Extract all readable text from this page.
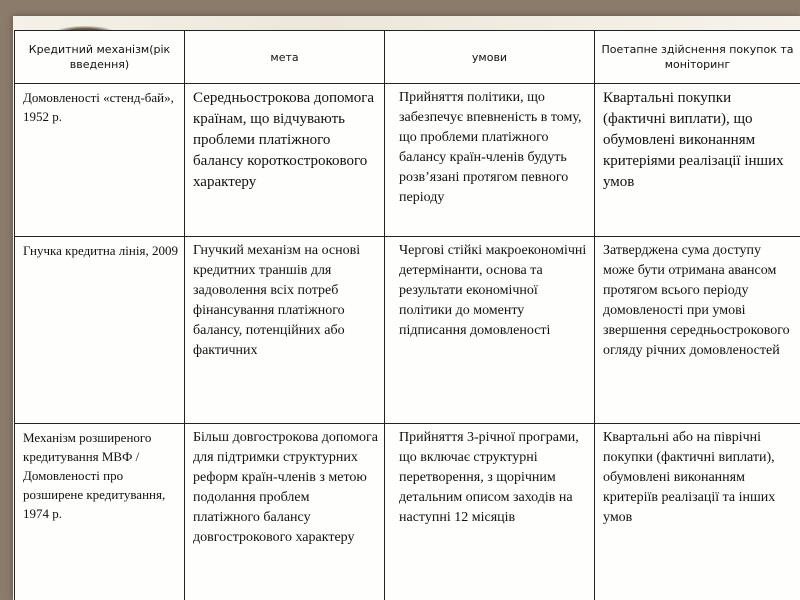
Кредитний механізм(рік введення)	мета	умови	Поетапне здійснення покупок та моніторинг
Домовленості «стенд-бай», 1952 р.	Середньострокова допомога країнам, що відчувають проблеми платіжного балансу короткострокового характеру	Прийняття політики, що забезпечує впевненість в тому, що проблеми платіжного балансу країн-членів будуть розв’язані протягом певного періоду	Квартальні покупки (фактичні виплати), що обумовлені виконанням критеріями реалізації інших умов
Гнучка кредитна лінія, 2009	Гнучкий механізм на основі кредитних траншів для задоволення всіх потреб фінансування платіжного балансу, потенційних або фактичних	Чергові стійкі макроекономічні детермінанти, основа та результати економічної політики до моменту підписання домовленості	Затверджена сума доступу може бути отримана авансом протягом всього періоду домовленості при умові звершення середньострокового огляду річних домовленостей
Механізм розширеного кредитування МВФ / Домовленості про розширене кредитування, 1974 р.	Більш довгострокова допомога для підтримки структурних реформ країн-членів з метою подолання проблем платіжного балансу довгострокового характеру	Прийняття 3-річної програми, що включає структурні перетворення, з щорічним детальним описом заходів на наступні 12 місяців	Квартальні або на піврічні покупки (фактичні виплати), обумовлені виконанням критеріїв реалізації та інших умов
